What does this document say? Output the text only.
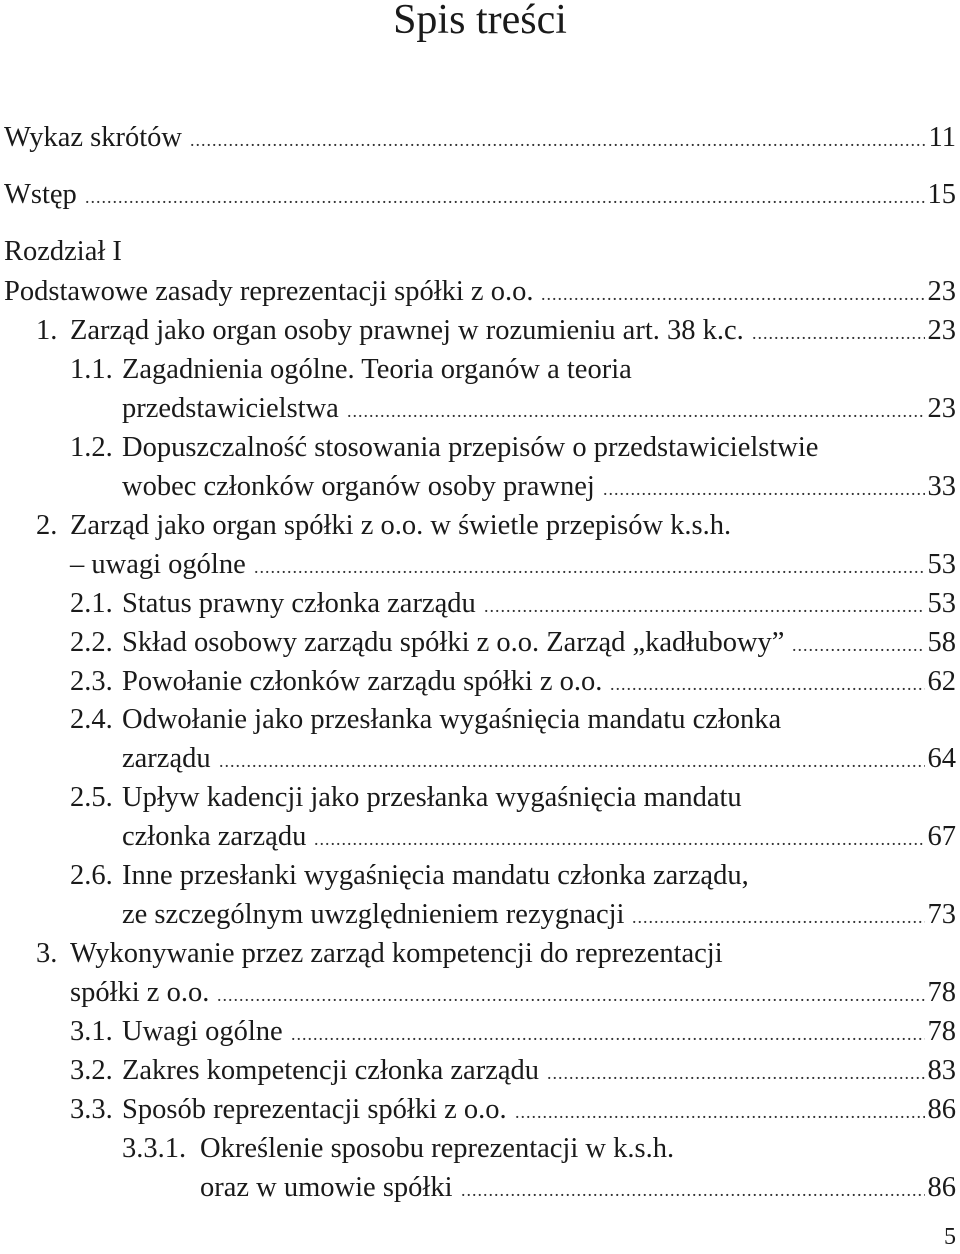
Spis treści
Wykaz skrótów .....	11
Wstęp .....	15
Rozdział I
Podstawowe zasady reprezentacji spółki z o.o. .....	23
1. Zarząd jako organ osoby prawnej w rozumieniu art. 38 k.c. .....	23
1.1. Zagadnienia ogólne. Teoria organów a teoria
przedstawicielstwa .....	23
1.2. Dopuszczalność stosowania przepisów o przedstawicielstwie
wobec członków organów osoby prawnej .....	33
2. Zarząd jako organ spółki z o.o. w świetle przepisów k.s.h.
– uwagi ogólne .....	53
2.1. Status prawny członka zarządu .....	53
2.2. Skład osobowy zarządu spółki z o.o. Zarząd „kadłubowy” .....	58
2.3. Powołanie członków zarządu spółki z o.o. .....	62
2.4. Odwołanie jako przesłanka wygaśnięcia mandatu członka
zarządu .....	64
2.5. Upływ kadencji jako przesłanka wygaśnięcia mandatu
członka zarządu .....	67
2.6. Inne przesłanki wygaśnięcia mandatu członka zarządu,
ze szczególnym uwzględnieniem rezygnacji .....	73
3. Wykonywanie przez zarząd kompetencji do reprezentacji
spółki z o.o. .....	78
3.1. Uwagi ogólne .....	78
3.2. Zakres kompetencji członka zarządu .....	83
3.3. Sposób reprezentacji spółki z o.o. .....	86
3.3.1. Określenie sposobu reprezentacji w k.s.h.
oraz w umowie spółki .....	86
5
